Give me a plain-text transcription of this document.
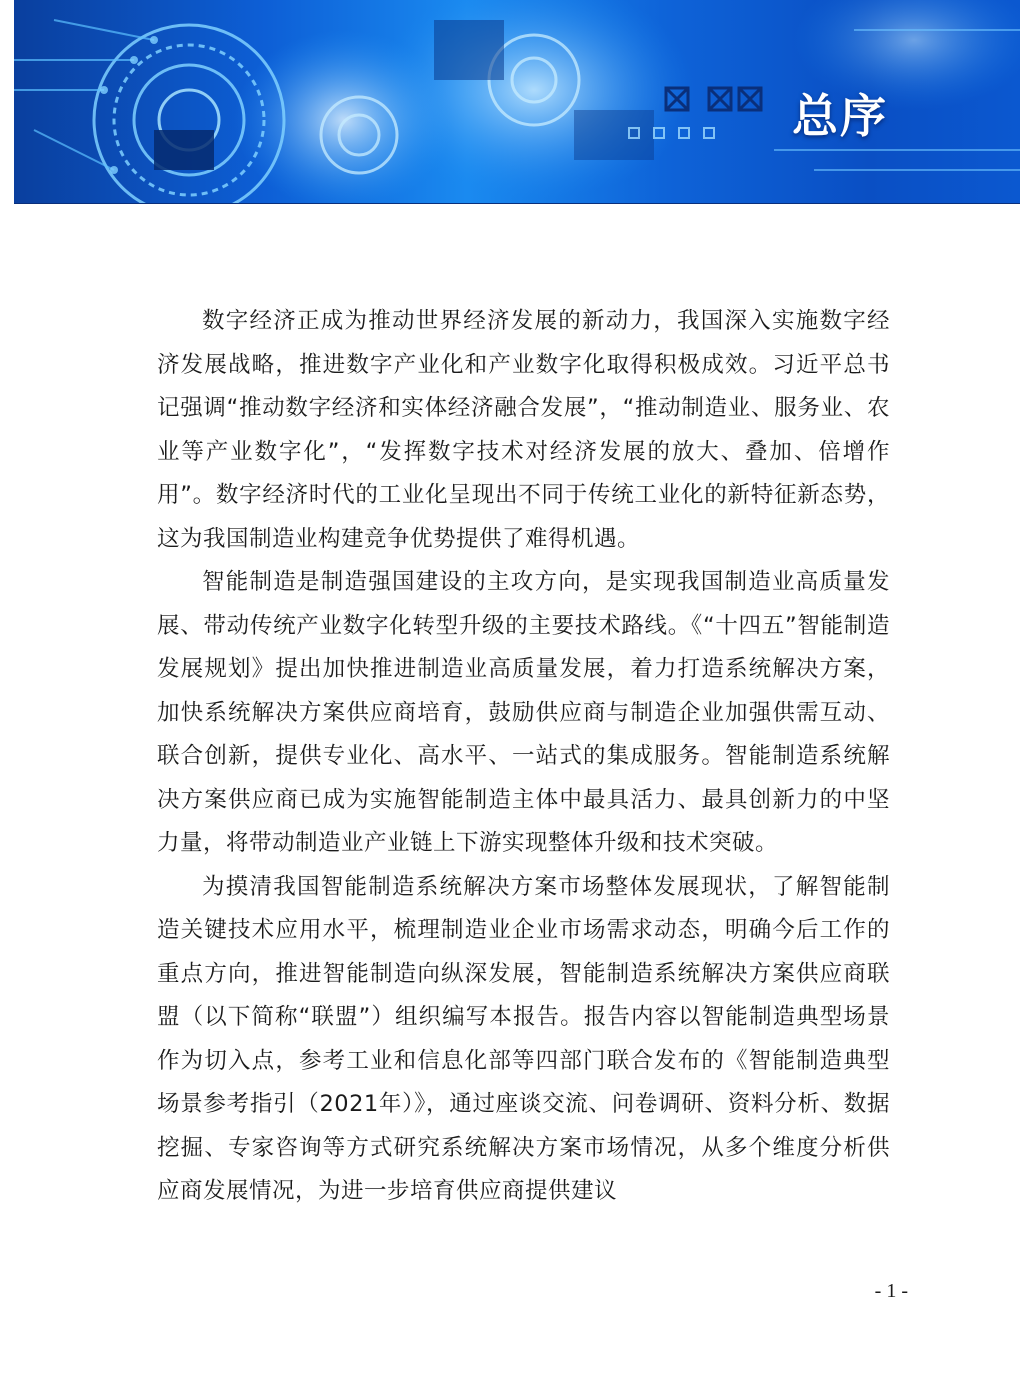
总序

数字经济正成为推动世界经济发展的新动力，我国深入实施数字经济发展战略，推进数字产业化和产业数字化取得积极成效。习近平总书记强调“推动数字经济和实体经济融合发展”，“推动制造业、服务业、农业等产业数字化”，“发挥数字技术对经济发展的放大、叠加、倍增作用”。数字经济时代的工业化呈现出不同于传统工业化的新特征新态势，这为我国制造业构建竞争优势提供了难得机遇。

智能制造是制造强国建设的主攻方向，是实现我国制造业高质量发展、带动传统产业数字化转型升级的主要技术路线。《“十四五”智能制造发展规划》提出加快推进制造业高质量发展，着力打造系统解决方案，加快系统解决方案供应商培育，鼓励供应商与制造企业加强供需互动、联合创新，提供专业化、高水平、一站式的集成服务。智能制造系统解决方案供应商已成为实施智能制造主体中最具活力、最具创新力的中坚力量，将带动制造业产业链上下游实现整体升级和技术突破。

为摸清我国智能制造系统解决方案市场整体发展现状，了解智能制造关键技术应用水平，梳理制造业企业市场需求动态，明确今后工作的重点方向，推进智能制造向纵深发展，智能制造系统解决方案供应商联盟（以下简称“联盟”）组织编写本报告。报告内容以智能制造典型场景作为切入点，参考工业和信息化部等四部门联合发布的《智能制造典型场景参考指引（2021年）》，通过座谈交流、问卷调研、资料分析、数据挖掘、专家咨询等方式研究系统解决方案市场情况，从多个维度分析供应商发展情况，为进一步培育供应商提供建议

- 1 -
